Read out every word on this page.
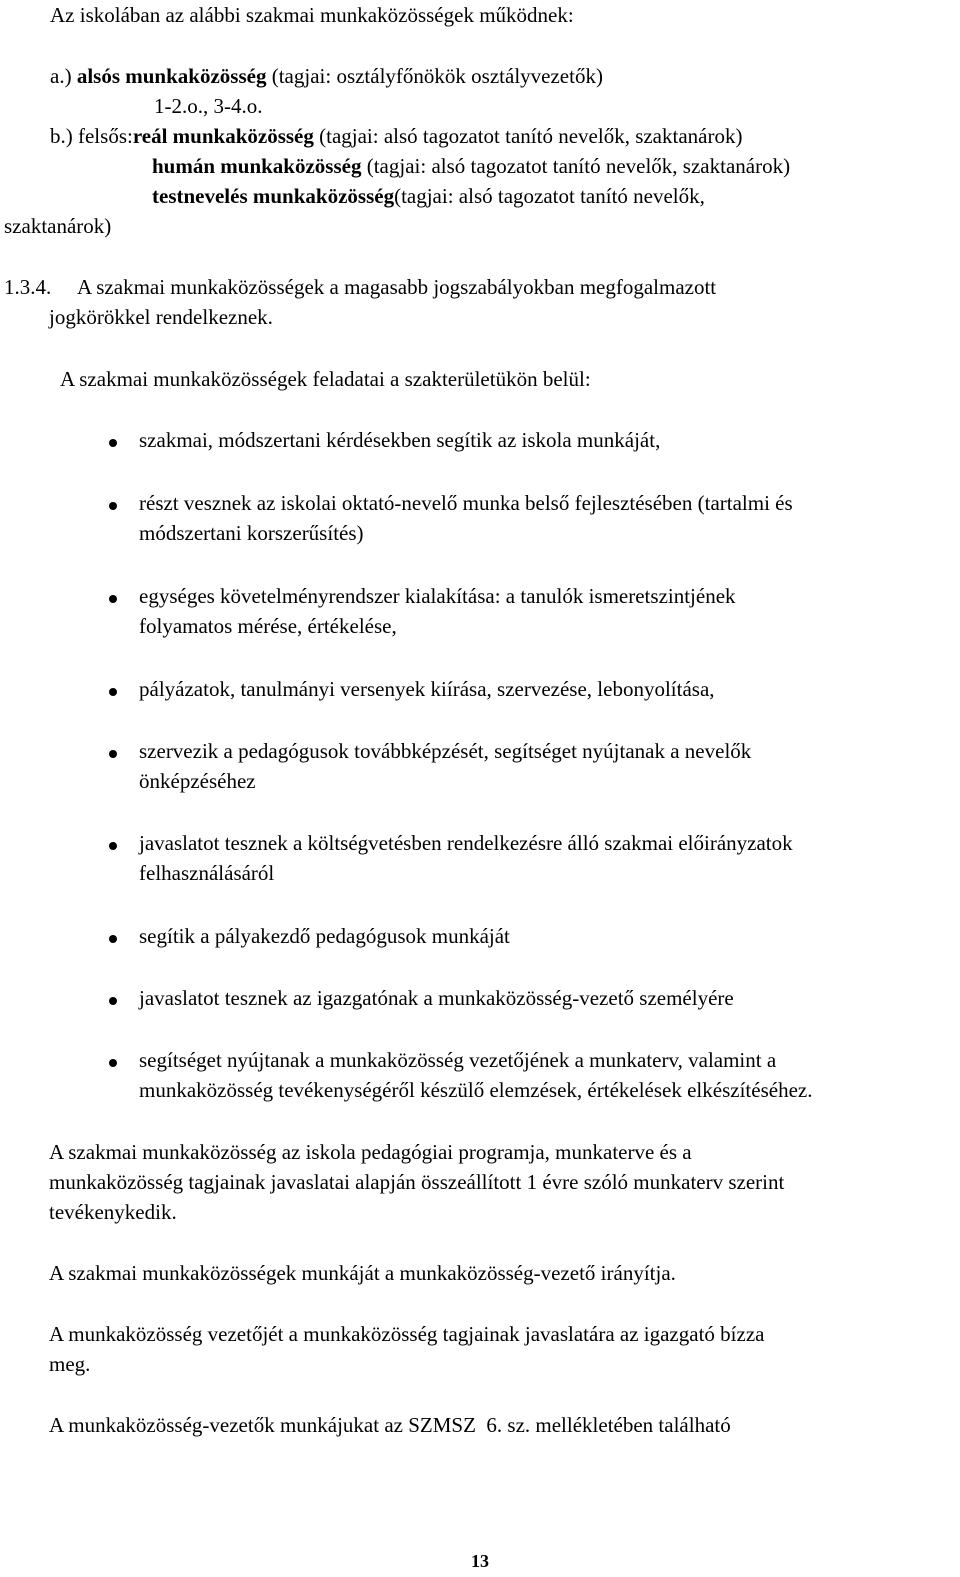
Az iskolában az alábbi szakmai munkaközösségek működnek:
a.) alsós munkaközösség (tagjai: osztályfőnökök osztályvezetők)
1-2.o., 3-4.o.
b.) felsős:reál munkaközösség (tagjai: alsó tagozatot tanító nevelők, szaktanárok)
humán munkaközösség (tagjai: alsó tagozatot tanító nevelők, szaktanárok)
testnevelés munkaközösség(tagjai: alsó tagozatot tanító nevelők,
szaktanárok)
1.3.4. A szakmai munkaközösségek a magasabb jogszabályokban megfogalmazott
jogkörökkel rendelkeznek.
A szakmai munkaközösségek feladatai a szakterületükön belül:
szakmai, módszertani kérdésekben segítik az iskola munkáját,
részt vesznek az iskolai oktató-nevelő munka belső fejlesztésében (tartalmi és
módszertani korszerűsítés)
egységes követelményrendszer kialakítása: a tanulók ismeretszintjének
folyamatos mérése, értékelése,
pályázatok, tanulmányi versenyek kiírása, szervezése, lebonyolítása,
szervezik a pedagógusok továbbképzését, segítséget nyújtanak a nevelők
önképzéséhez
javaslatot tesznek a költségvetésben rendelkezésre álló szakmai előirányzatok
felhasználásáról
segítik a pályakezdő pedagógusok munkáját
javaslatot tesznek az igazgatónak a munkaközösség-vezető személyére
segítséget nyújtanak a munkaközösség vezetőjének a munkaterv, valamint a
munkaközösség tevékenységéről készülő elemzések, értékelések elkészítéséhez.
A szakmai munkaközösség az iskola pedagógiai programja, munkaterve és a
munkaközösség tagjainak javaslatai alapján összeállított 1 évre szóló munkaterv szerint
tevékenykedik.
A szakmai munkaközösségek munkáját a munkaközösség-vezető irányítja.
A munkaközösség vezetőjét a munkaközösség tagjainak javaslatára az igazgató bízza
meg.
A munkaközösség-vezetők munkájukat az SZMSZ  6. sz. mellékletében található
13
